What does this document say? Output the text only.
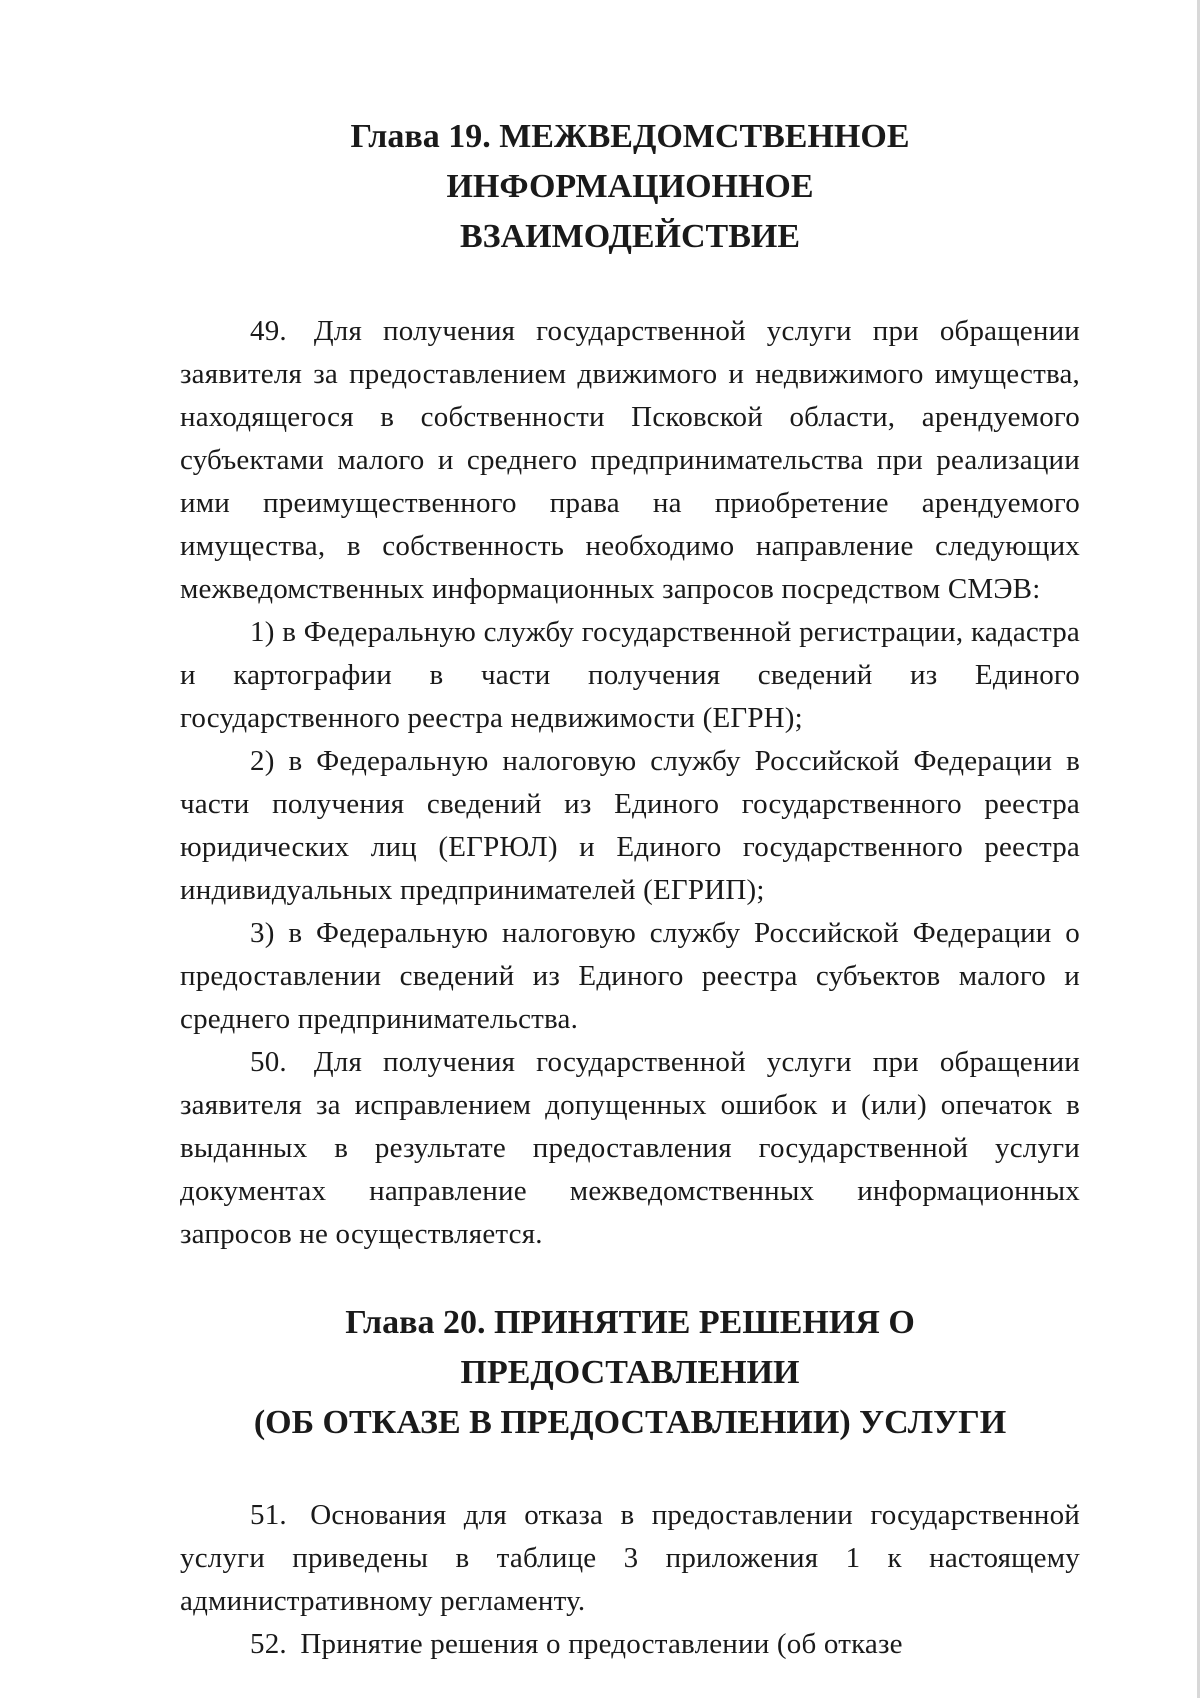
Глава 19. МЕЖВЕДОМСТВЕННОЕ ИНФОРМАЦИОННОЕ
ВЗАИМОДЕЙСТВИЕ

49. Для получения государственной услуги при обращении заявителя за предоставлением движимого и недвижимого имущества, находящегося в собственности Псковской области, арендуемого субъектами малого и среднего предпринимательства при реализации ими преимущественного права на приобретение арендуемого имущества, в собственность необходимо направление следующих межведомственных информационных запросов посредством СМЭВ:

1) в Федеральную службу государственной регистрации, кадастра и картографии в части получения сведений из Единого государственного реестра недвижимости (ЕГРН);

2) в Федеральную налоговую службу Российской Федерации в части получения сведений из Единого государственного реестра юридических лиц (ЕГРЮЛ) и Единого государственного реестра индивидуальных предпринимателей (ЕГРИП);

3) в Федеральную налоговую службу Российской Федерации о предоставлении сведений из Единого реестра субъектов малого и среднего предпринимательства.

50. Для получения государственной услуги при обращении заявителя за исправлением допущенных ошибок и (или) опечаток в выданных в результате предоставления государственной услуги документах направление межведомственных информационных запросов не осуществляется.

Глава 20. ПРИНЯТИЕ РЕШЕНИЯ О ПРЕДОСТАВЛЕНИИ
(ОБ ОТКАЗЕ В ПРЕДОСТАВЛЕНИИ) УСЛУГИ

51. Основания для отказа в предоставлении государственной услуги приведены в таблице 3 приложения 1 к настоящему административному регламенту.

52. Принятие решения о предоставлении (об отказе
